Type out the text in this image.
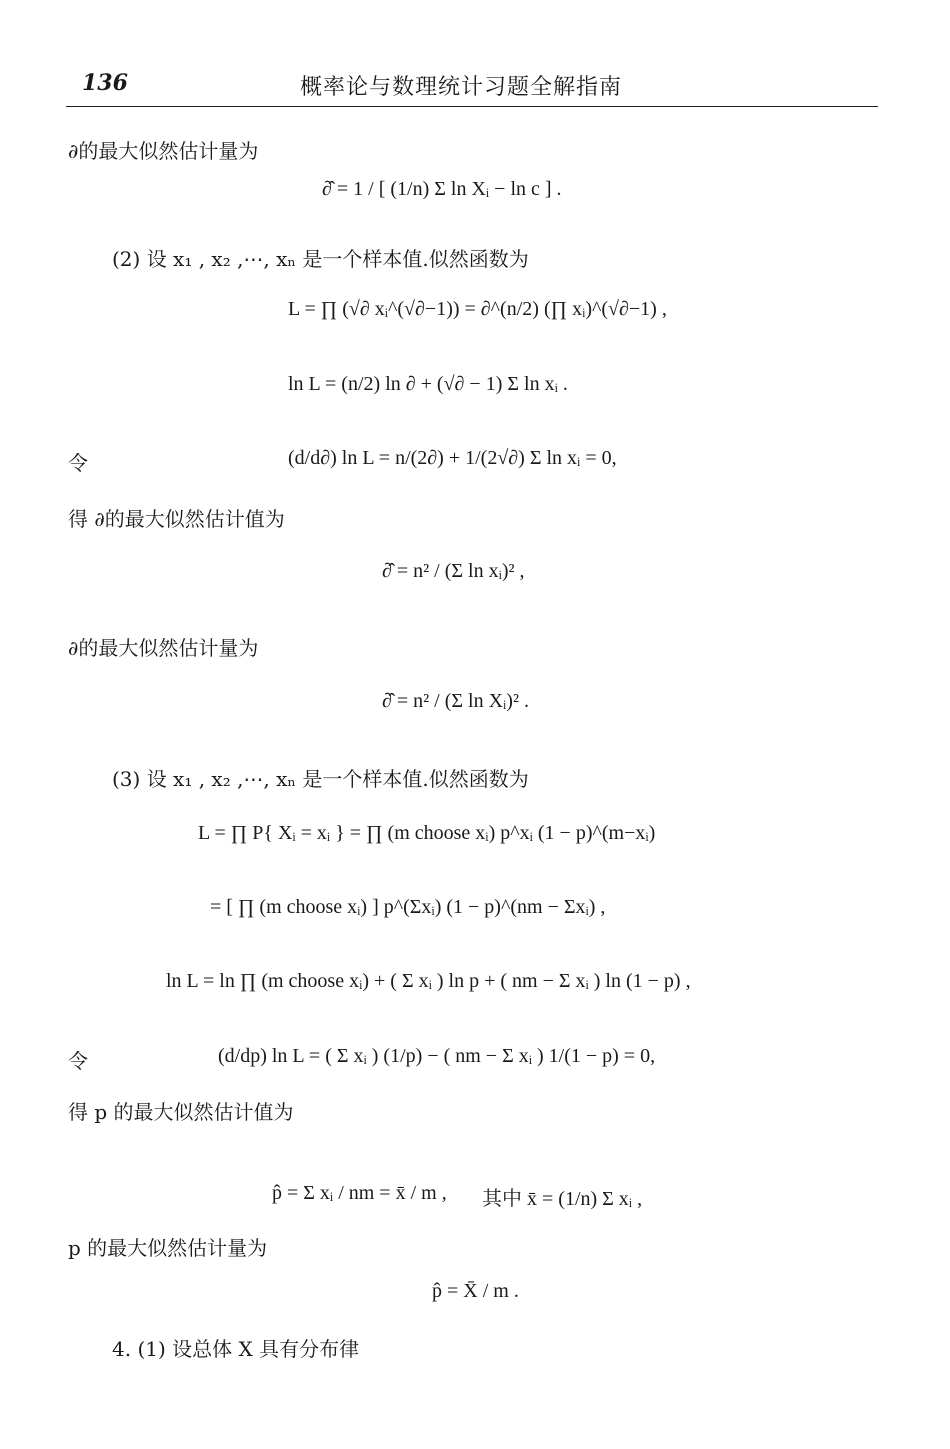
136	概率论与数理统计习题全解指南
∂的最大似然估计量为
∂̂ = 1 / [ (1/n) Σ ln Xᵢ − ln c ] .
(2) 设 x₁ , x₂ ,⋯, xₙ 是一个样本值.似然函数为
L = ∏ (√∂ xᵢ^(√∂−1)) = ∂^(n/2) (∏ xᵢ)^(√∂−1) ,
ln L = (n/2) ln ∂ + (√∂ − 1) Σ ln xᵢ .
令	(d/d∂) ln L = n/(2∂) + 1/(2√∂) Σ ln xᵢ = 0,
得 ∂的最大似然估计值为
∂̂ = n² / (Σ ln xᵢ)² ,
∂的最大似然估计量为
∂̂ = n² / (Σ ln Xᵢ)² .
(3) 设 x₁ , x₂ ,⋯, xₙ 是一个样本值.似然函数为
L = ∏ P{ Xᵢ = xᵢ } = ∏ (m choose xᵢ) p^xᵢ (1 − p)^(m−xᵢ)
= [ ∏ (m choose xᵢ) ] p^(Σxᵢ) (1 − p)^(nm − Σxᵢ) ,
ln L = ln ∏ (m choose xᵢ) + ( Σ xᵢ ) ln p + ( nm − Σ xᵢ ) ln (1 − p) ,
令	(d/dp) ln L = ( Σ xᵢ ) (1/p) − ( nm − Σ xᵢ ) 1/(1 − p) = 0,
得 p 的最大似然估计值为
p̂ = Σ xᵢ / nm = x̄ / m , 其中 x̄ = (1/n) Σ xᵢ ,
p 的最大似然估计量为
p̂ = X̄ / m .
4. (1) 设总体 X 具有分布律
